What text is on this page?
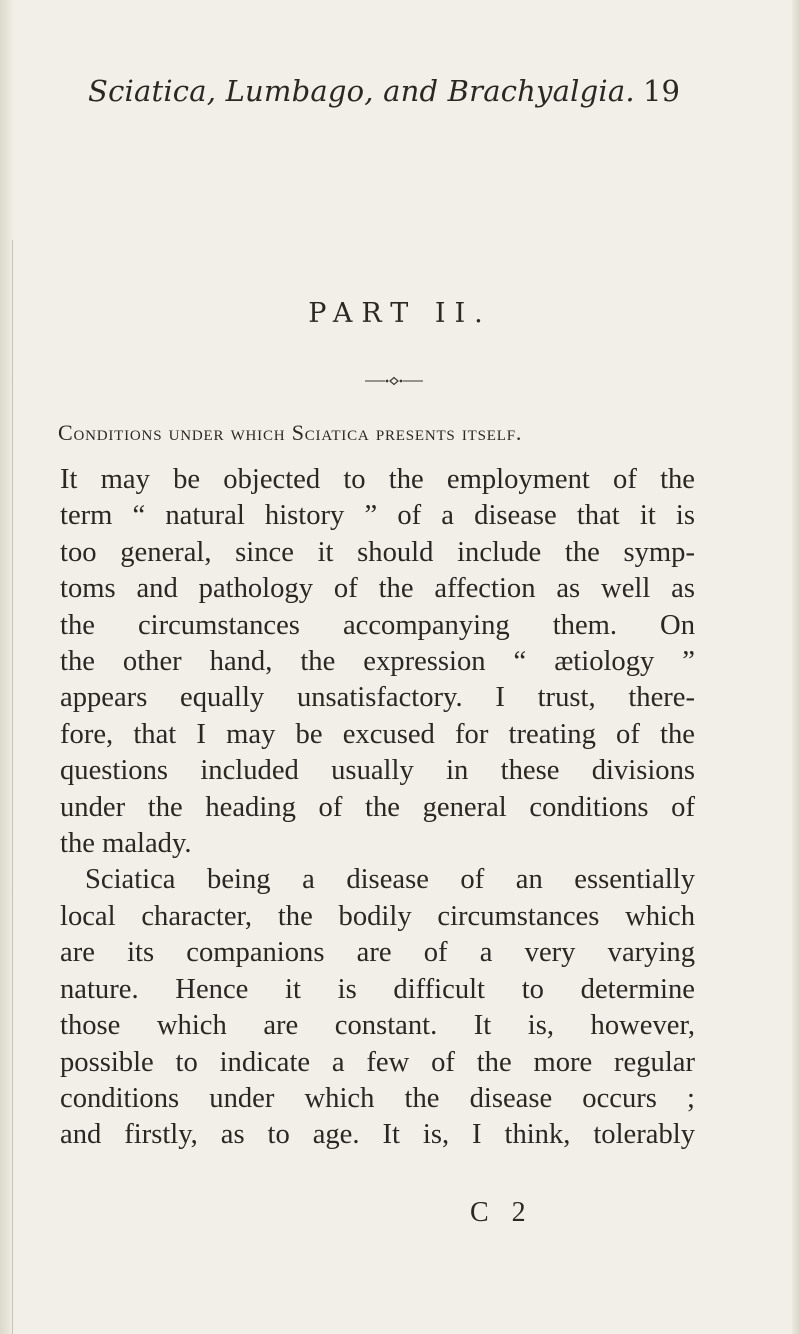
Sciatica, Lumbago, and Brachyalgia. 19
PART II.
Conditions under which Sciatica presents itself.
It may be objected to the employment of the
term “ natural history ” of a disease that it is
too general, since it should include the symp-
toms and pathology of the affection as well as
the circumstances accompanying them. On
the other hand, the expression “ ætiology ”
appears equally unsatisfactory. I trust, there-
fore, that I may be excused for treating of the
questions included usually in these divisions
under the heading of the general conditions of
the malady.
Sciatica being a disease of an essentially
local character, the bodily circumstances which
are its companions are of a very varying
nature. Hence it is difficult to determine
those which are constant. It is, however,
possible to indicate a few of the more regular
conditions under which the disease occurs ;
and firstly, as to age. It is, I think, tolerably
C 2
